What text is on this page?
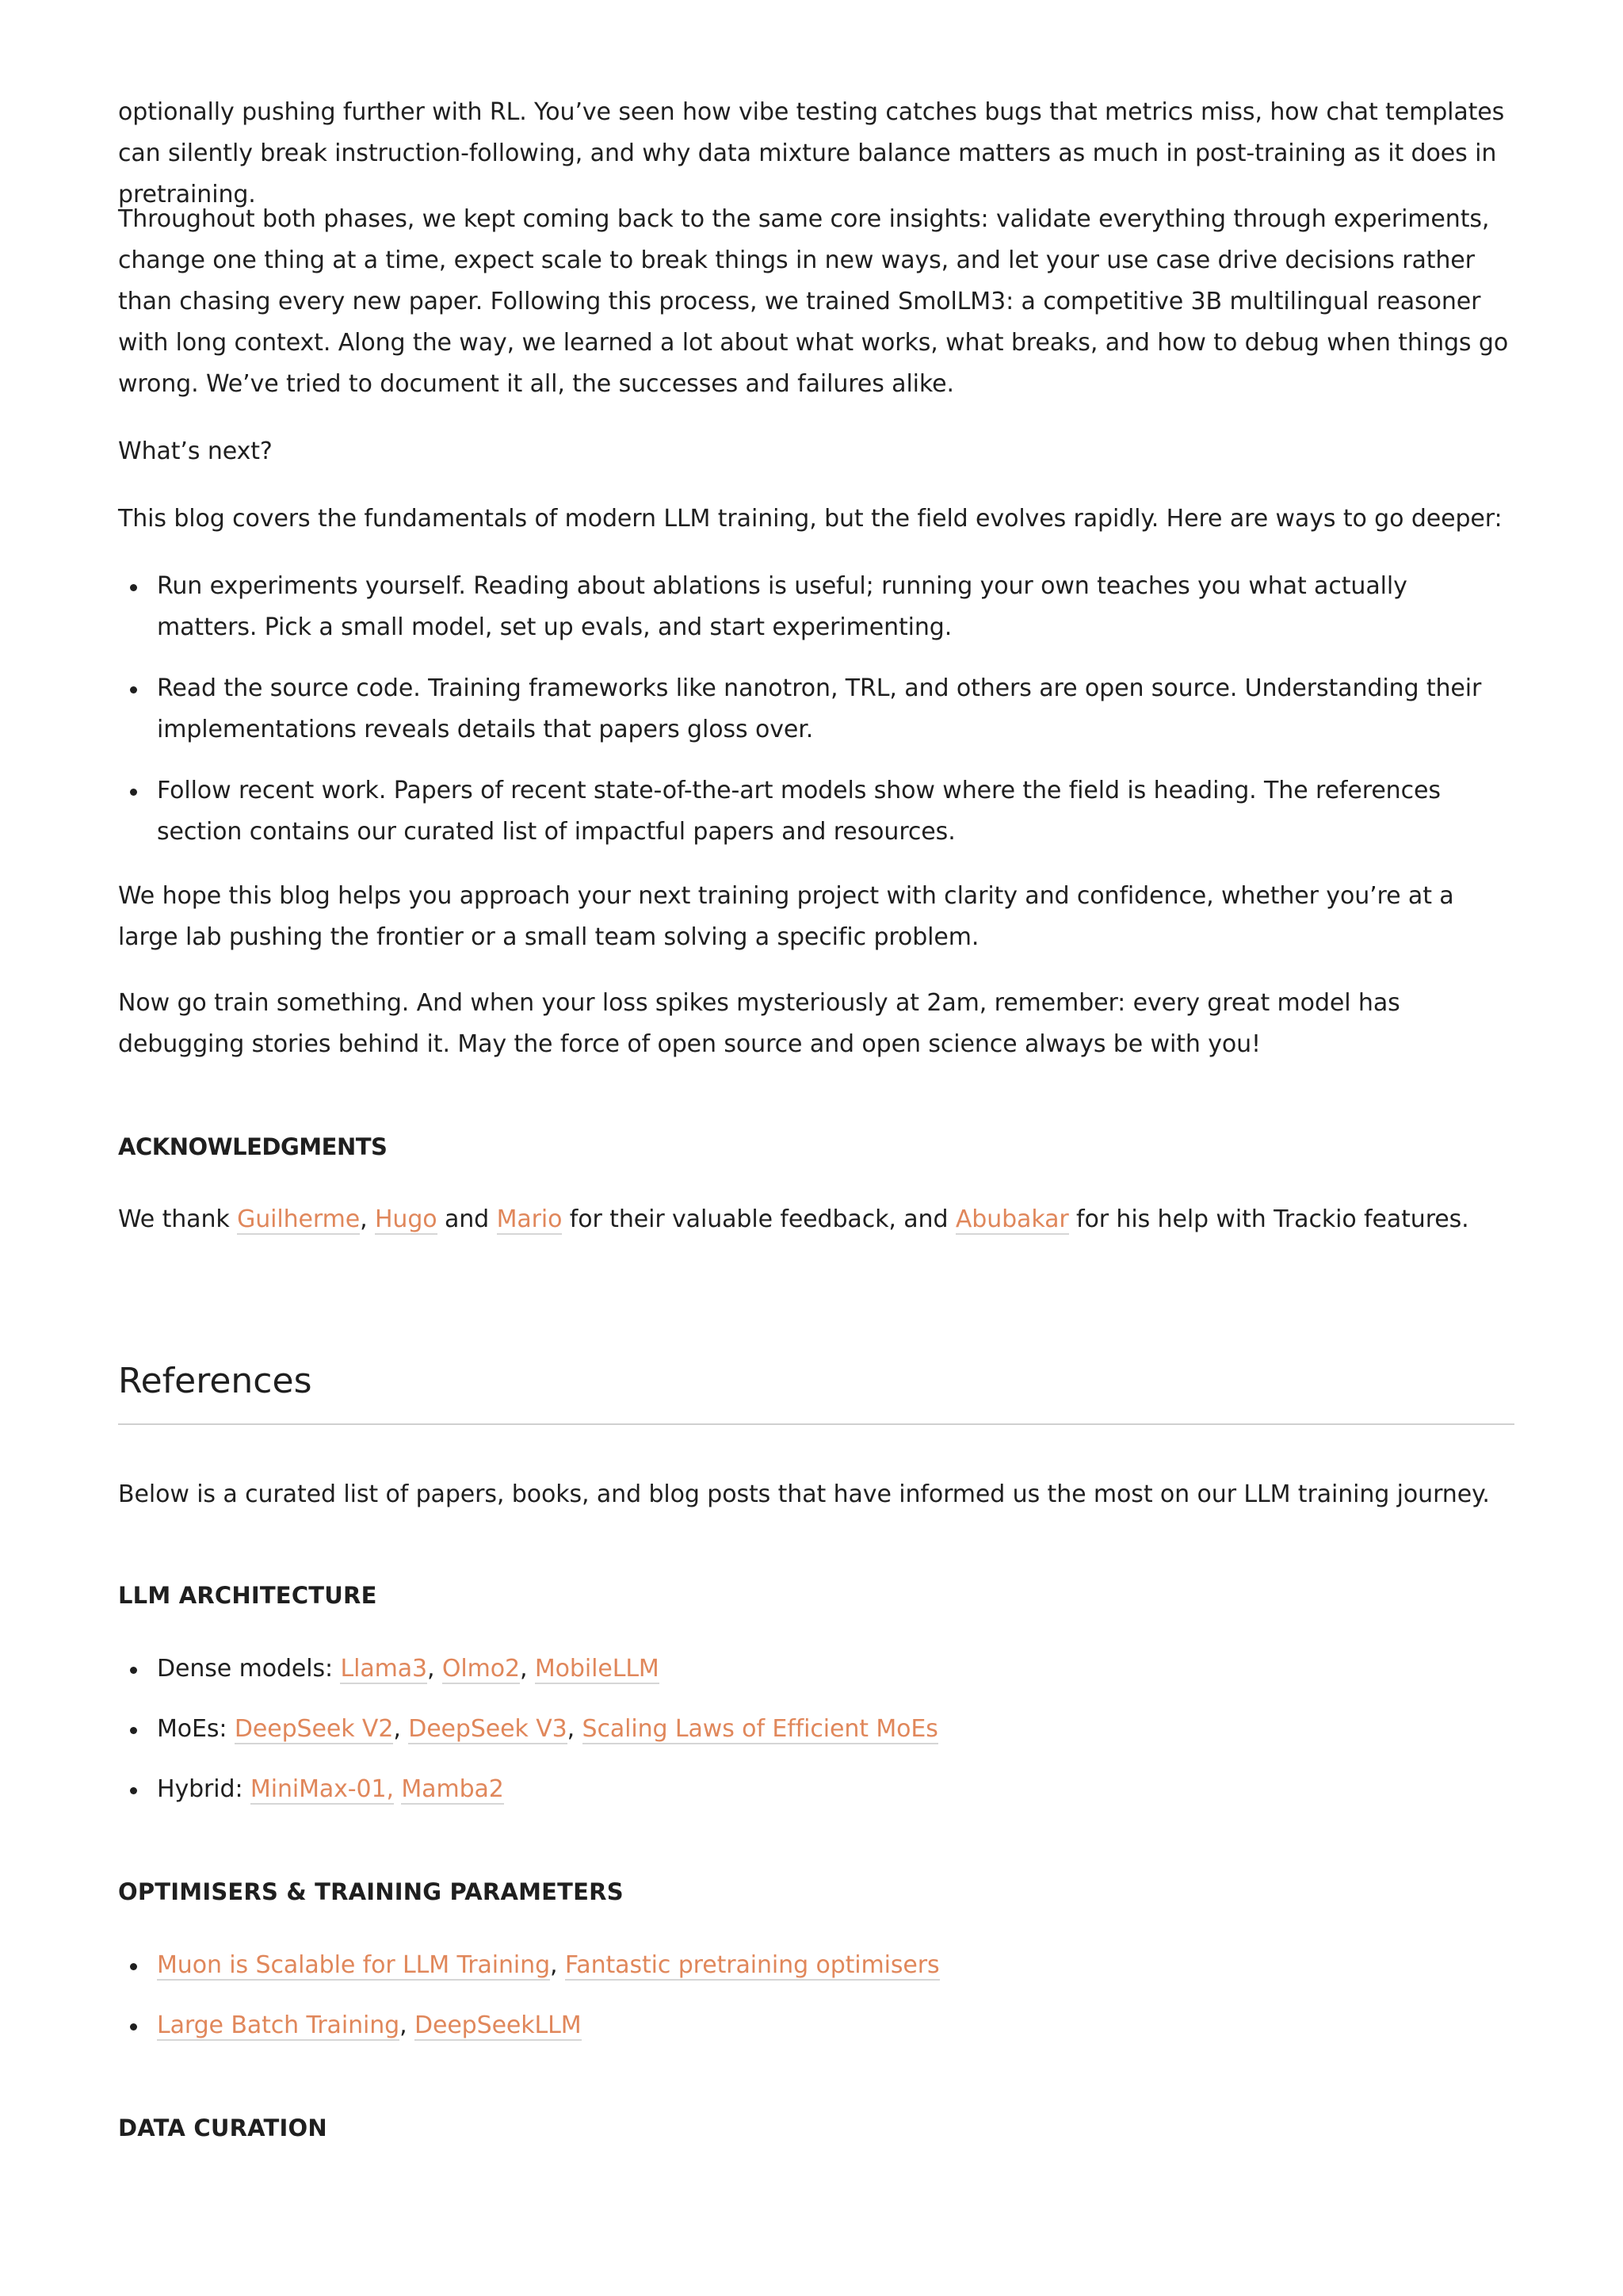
optionally pushing further with RL. You’ve seen how vibe testing catches bugs that metrics miss, how chat templates can silently break instruction-following, and why data mixture balance matters as much in post-training as it does in pretraining.

Throughout both phases, we kept coming back to the same core insights: validate everything through experiments, change one thing at a time, expect scale to break things in new ways, and let your use case drive decisions rather than chasing every new paper. Following this process, we trained SmolLM3: a competitive 3B multilingual reasoner with long context. Along the way, we learned a lot about what works, what breaks, and how to debug when things go wrong. We’ve tried to document it all, the successes and failures alike.

What’s next?

This blog covers the fundamentals of modern LLM training, but the field evolves rapidly. Here are ways to go deeper:

Run experiments yourself. Reading about ablations is useful; running your own teaches you what actually matters. Pick a small model, set up evals, and start experimenting.
Read the source code. Training frameworks like nanotron, TRL, and others are open source. Understanding their implementations reveals details that papers gloss over.
Follow recent work. Papers of recent state-of-the-art models show where the field is heading. The references section contains our curated list of impactful papers and resources.

We hope this blog helps you approach your next training project with clarity and confidence, whether you’re at a large lab pushing the frontier or a small team solving a specific problem.

Now go train something. And when your loss spikes mysteriously at 2am, remember: every great model has debugging stories behind it. May the force of open source and open science always be with you!

ACKNOWLEDGMENTS

We thank Guilherme, Hugo and Mario for their valuable feedback, and Abubakar for his help with Trackio features.

References

Below is a curated list of papers, books, and blog posts that have informed us the most on our LLM training journey.

LLM ARCHITECTURE
Dense models: Llama3, Olmo2, MobileLLM
MoEs: DeepSeek V2, DeepSeek V3, Scaling Laws of Efficient MoEs
Hybrid: MiniMax-01, Mamba2
OPTIMISERS & TRAINING PARAMETERS
Muon is Scalable for LLM Training, Fantastic pretraining optimisers
Large Batch Training, DeepSeekLLM
DATA CURATION
